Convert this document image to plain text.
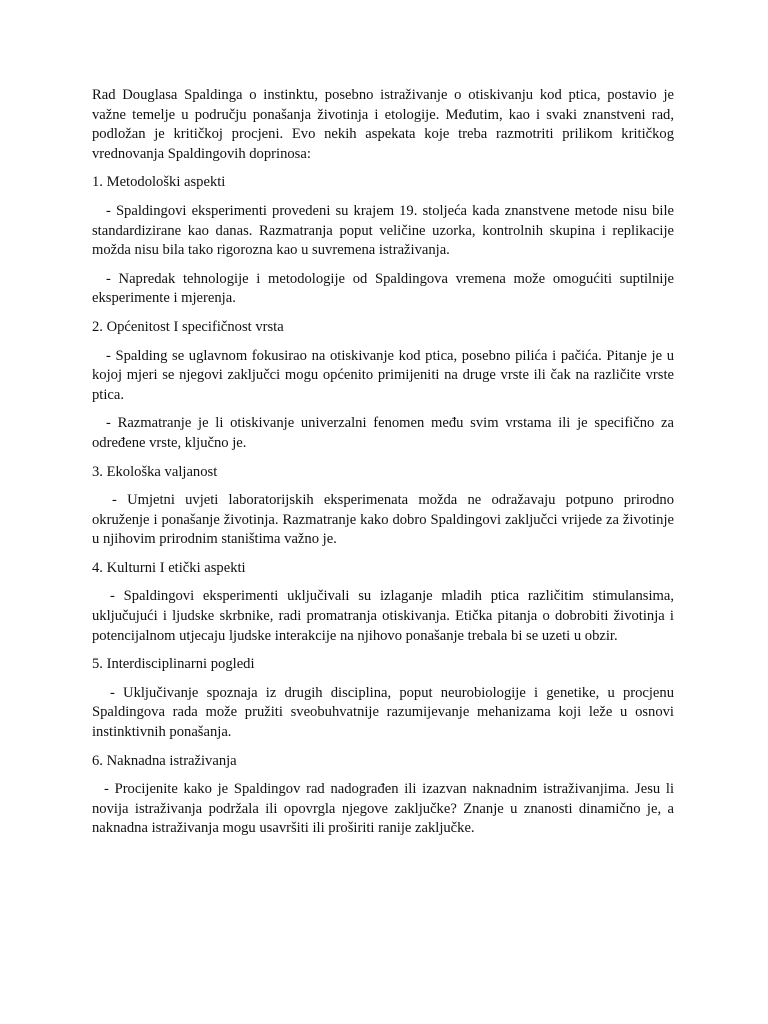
Rad Douglasa Spaldinga o instinktu, posebno istraživanje o otiskivanju kod ptica, postavio je važne temelje u području ponašanja životinja i etologije. Međutim, kao i svaki znanstveni rad, podložan je kritičkoj procjeni. Evo nekih aspekata koje treba razmotriti prilikom kritičkog vrednovanja Spaldingovih doprinosa:

1. Metodološki aspekti

- Spaldingovi eksperimenti provedeni su krajem 19. stoljeća kada znanstvene metode nisu bile standardizirane kao danas. Razmatranja poput veličine uzorka, kontrolnih skupina i replikacije možda nisu bila tako rigorozna kao u suvremena istraživanja.

- Napredak tehnologije i metodologije od Spaldingova vremena može omogućiti suptilnije eksperimente i mjerenja.

2. Općenitost I specifičnost vrsta

- Spalding se uglavnom fokusirao na otiskivanje kod ptica, posebno pilića i pačića. Pitanje je u kojoj mjeri se njegovi zaključci mogu općenito primijeniti na druge vrste ili čak na različite vrste ptica.

- Razmatranje je li otiskivanje univerzalni fenomen među svim vrstama ili je specifično za određene vrste, ključno je.

3. Ekološka valjanost

- Umjetni uvjeti laboratorijskih eksperimenata možda ne odražavaju potpuno prirodno okruženje i ponašanje životinja. Razmatranje kako dobro Spaldingovi zaključci vrijede za životinje u njihovim prirodnim staništima važno je.

4. Kulturni I etički aspekti

- Spaldingovi eksperimenti uključivali su izlaganje mladih ptica različitim stimulansima, uključujući i ljudske skrbnike, radi promatranja otiskivanja. Etička pitanja o dobrobiti životinja i potencijalnom utjecaju ljudske interakcije na njihovo ponašanje trebala bi se uzeti u obzir.

5. Interdisciplinarni pogledi

- Uključivanje spoznaja iz drugih disciplina, poput neurobiologije i genetike, u procjenu Spaldingova rada može pružiti sveobuhvatnije razumijevanje mehanizama koji leže u osnovi instinktivnih ponašanja.

6. Naknadna istraživanja

- Procijenite kako je Spaldingov rad nadograđen ili izazvan naknadnim istraživanjima. Jesu li novija istraživanja podržala ili opovrgla njegove zaključke? Znanje u znanosti dinamično je, a naknadna istraživanja mogu usavršiti ili proširiti ranije zaključke.
